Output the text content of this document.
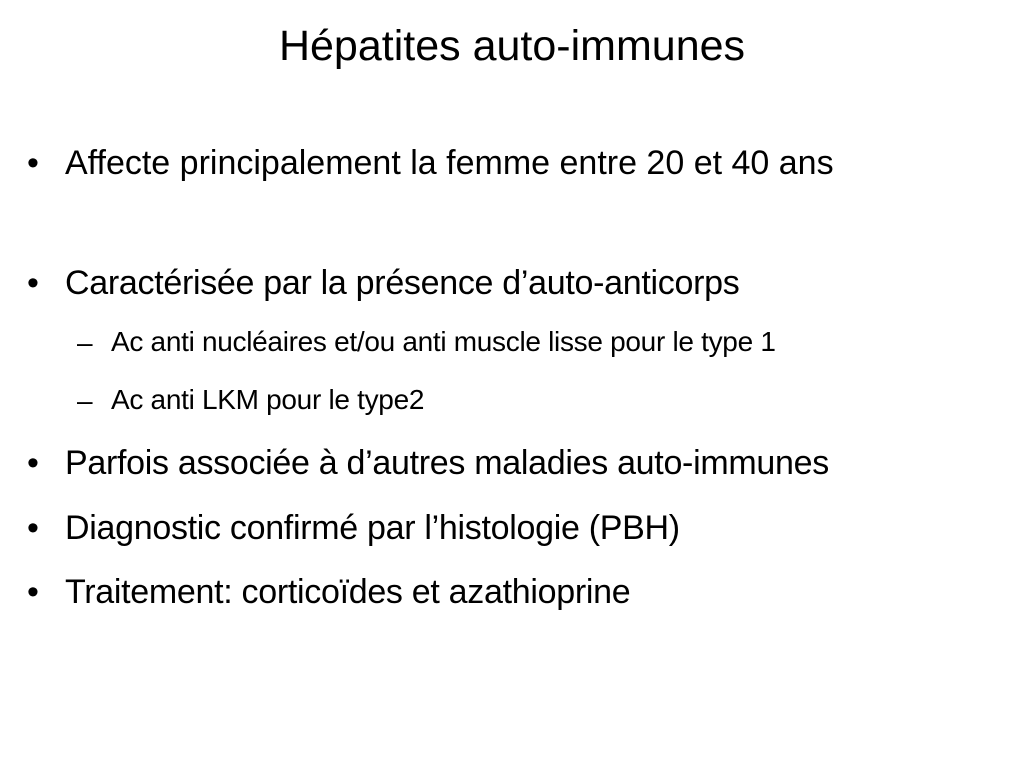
Hépatites auto-immunes
• Affecte principalement la femme entre 20 et 40 ans
• Caractérisée par la présence d’auto-anticorps
– Ac anti nucléaires et/ou anti muscle lisse pour le type 1
– Ac anti LKM pour le type2
• Parfois associée à d’autres maladies auto-immunes
• Diagnostic confirmé par l’histologie (PBH)
• Traitement: corticoïdes et azathioprine
